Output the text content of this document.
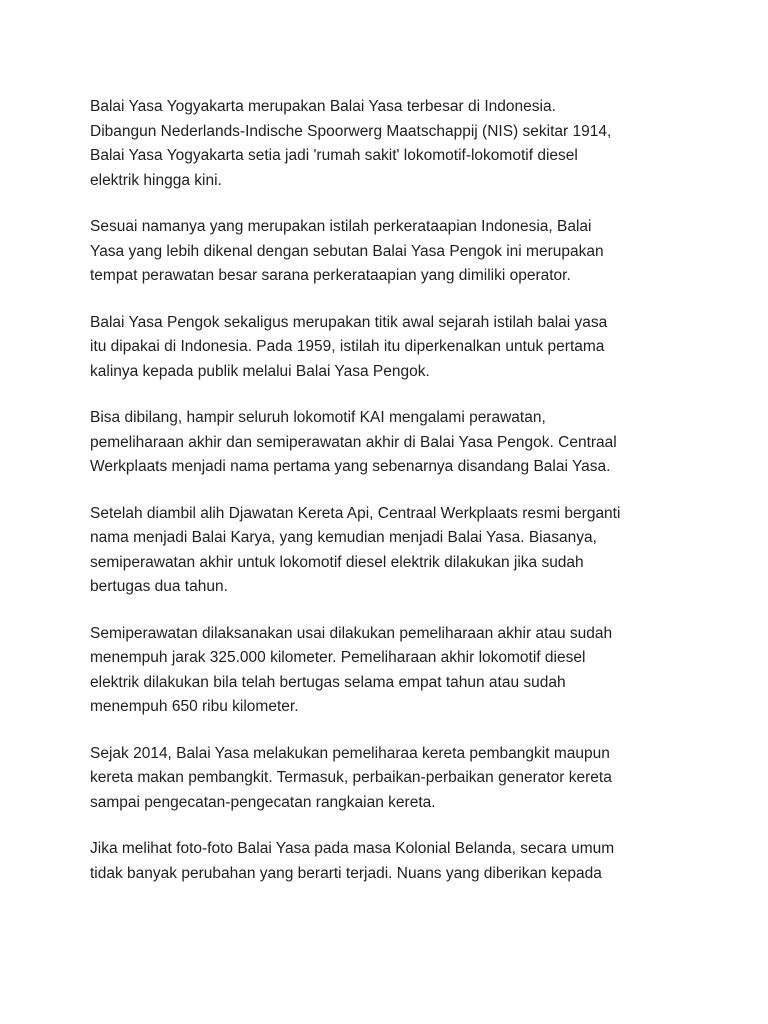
Balai Yasa Yogyakarta merupakan Balai Yasa terbesar di Indonesia.
Dibangun Nederlands-Indische Spoorwerg Maatschappij (NIS) sekitar 1914,
Balai Yasa Yogyakarta setia jadi 'rumah sakit' lokomotif-lokomotif diesel
elektrik hingga kini.

Sesuai namanya yang merupakan istilah perkerataapian Indonesia, Balai
Yasa yang lebih dikenal dengan sebutan Balai Yasa Pengok ini merupakan
tempat perawatan besar sarana perkerataapian yang dimiliki operator.

Balai Yasa Pengok sekaligus merupakan titik awal sejarah istilah balai yasa
itu dipakai di Indonesia. Pada 1959, istilah itu diperkenalkan untuk pertama
kalinya kepada publik melalui Balai Yasa Pengok.

Bisa dibilang, hampir seluruh lokomotif KAI mengalami perawatan,
pemeliharaan akhir dan semiperawatan akhir di Balai Yasa Pengok. Centraal
Werkplaats menjadi nama pertama yang sebenarnya disandang Balai Yasa.

Setelah diambil alih Djawatan Kereta Api, Centraal Werkplaats resmi berganti
nama menjadi Balai Karya, yang kemudian menjadi Balai Yasa. Biasanya,
semiperawatan akhir untuk lokomotif diesel elektrik dilakukan jika sudah
bertugas dua tahun.

Semiperawatan dilaksanakan usai dilakukan pemeliharaan akhir atau sudah
menempuh jarak 325.000 kilometer. Pemeliharaan akhir lokomotif diesel
elektrik dilakukan bila telah bertugas selama empat tahun atau sudah
menempuh 650 ribu kilometer.

Sejak 2014, Balai Yasa melakukan pemeliharaa kereta pembangkit maupun
kereta makan pembangkit. Termasuk, perbaikan-perbaikan generator kereta
sampai pengecatan-pengecatan rangkaian kereta.

Jika melihat foto-foto Balai Yasa pada masa Kolonial Belanda, secara umum
tidak banyak perubahan yang berarti terjadi. Nuans yang diberikan kepada
